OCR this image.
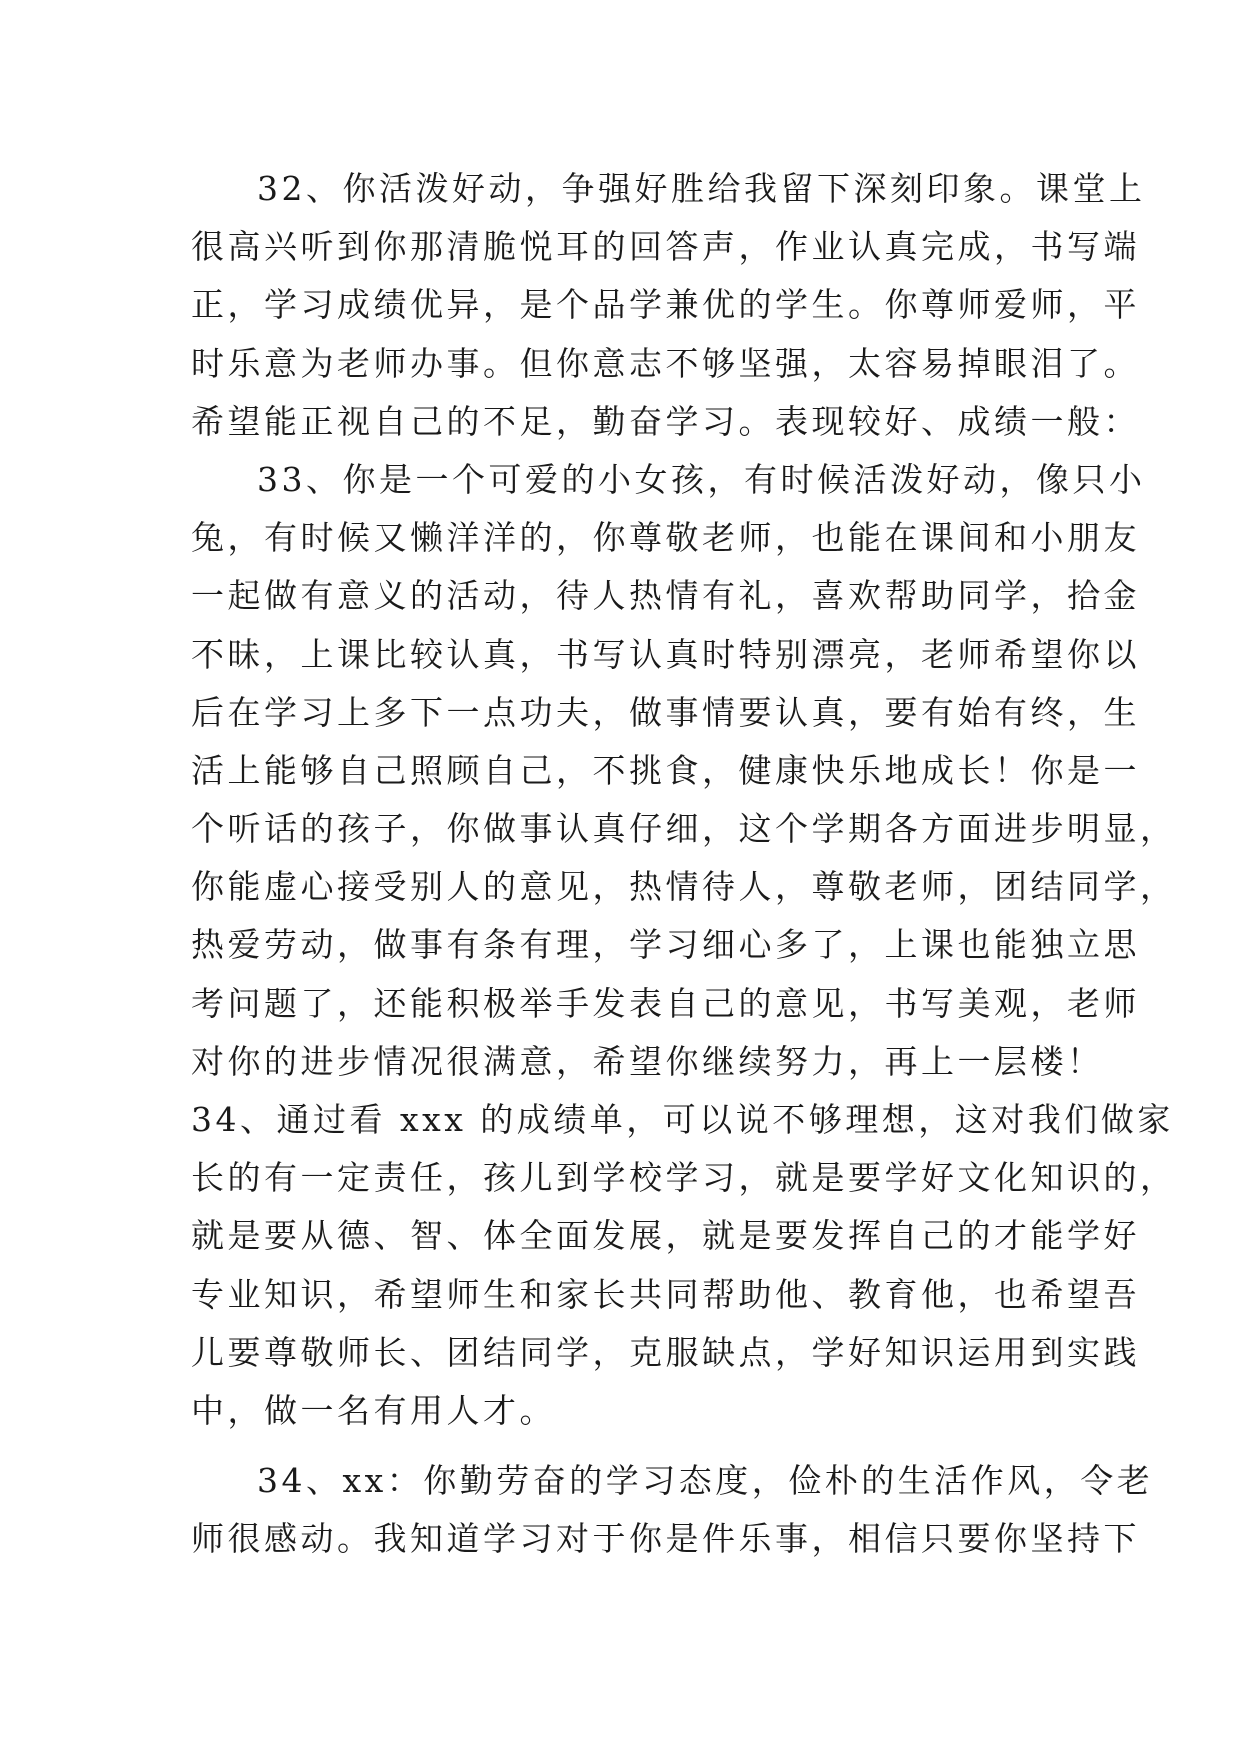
32、你活泼好动，争强好胜给我留下深刻印象。课堂上
很高兴听到你那清脆悦耳的回答声，作业认真完成，书写端
正，学习成绩优异，是个品学兼优的学生。你尊师爱师，平
时乐意为老师办事。但你意志不够坚强，太容易掉眼泪了。
希望能正视自己的不足，勤奋学习。表现较好、成绩一般：
33、你是一个可爱的小女孩，有时候活泼好动，像只小
兔，有时候又懒洋洋的，你尊敬老师，也能在课间和小朋友
一起做有意义的活动，待人热情有礼，喜欢帮助同学，拾金
不昧，上课比较认真，书写认真时特别漂亮，老师希望你以
后在学习上多下一点功夫，做事情要认真，要有始有终，生
活上能够自己照顾自己，不挑食，健康快乐地成长！你是一
个听话的孩子，你做事认真仔细，这个学期各方面进步明显，
你能虚心接受别人的意见，热情待人，尊敬老师，团结同学，
热爱劳动，做事有条有理，学习细心多了，上课也能独立思
考问题了，还能积极举手发表自己的意见，书写美观，老师
对你的进步情况很满意，希望你继续努力，再上一层楼！
34、通过看 xxx 的成绩单，可以说不够理想，这对我们做家
长的有一定责任，孩儿到学校学习，就是要学好文化知识的，
就是要从德、智、体全面发展，就是要发挥自己的才能学好
专业知识，希望师生和家长共同帮助他、教育他，也希望吾
儿要尊敬师长、团结同学，克服缺点，学好知识运用到实践
中，做一名有用人才。
34、xx：你勤劳奋的学习态度，俭朴的生活作风，令老
师很感动。我知道学习对于你是件乐事，相信只要你坚持下
